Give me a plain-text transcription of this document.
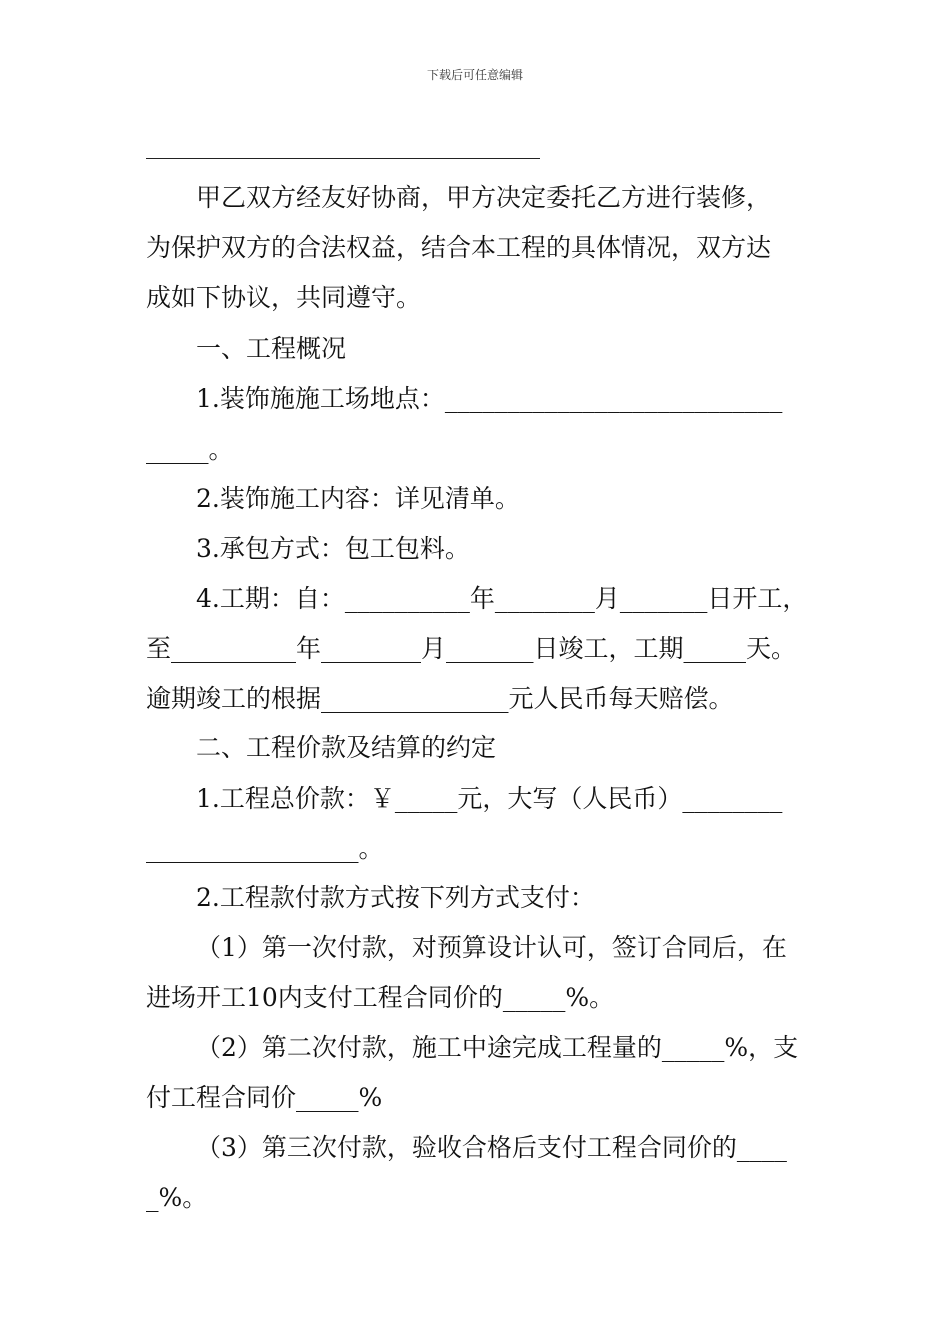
下载后可任意编辑
甲乙双方经友好协商，甲方决定委托乙方进行装修，
为保护双方的合法权益，结合本工程的具体情况，双方达
成如下协议，共同遵守。
一、工程概况
1.装饰施施工场地点：___________________________
_____。
2.装饰施工内容：详见清单。
3.承包方式：包工包料。
4.工期：自：__________年________月_______日开工，
至__________年________月_______日竣工，工期_____天。
逾期竣工的根据_______________元人民币每天赔偿。
二、工程价款及结算的约定
1.工程总价款：￥_____元，大写（人民币）________
_________________。
2.工程款付款方式按下列方式支付：
（1）第一次付款，对预算设计认可，签订合同后，在
进场开工10内支付工程合同价的_____%。
（2）第二次付款，施工中途完成工程量的_____%，支
付工程合同价_____%
（3）第三次付款，验收合格后支付工程合同价的____
_%。
